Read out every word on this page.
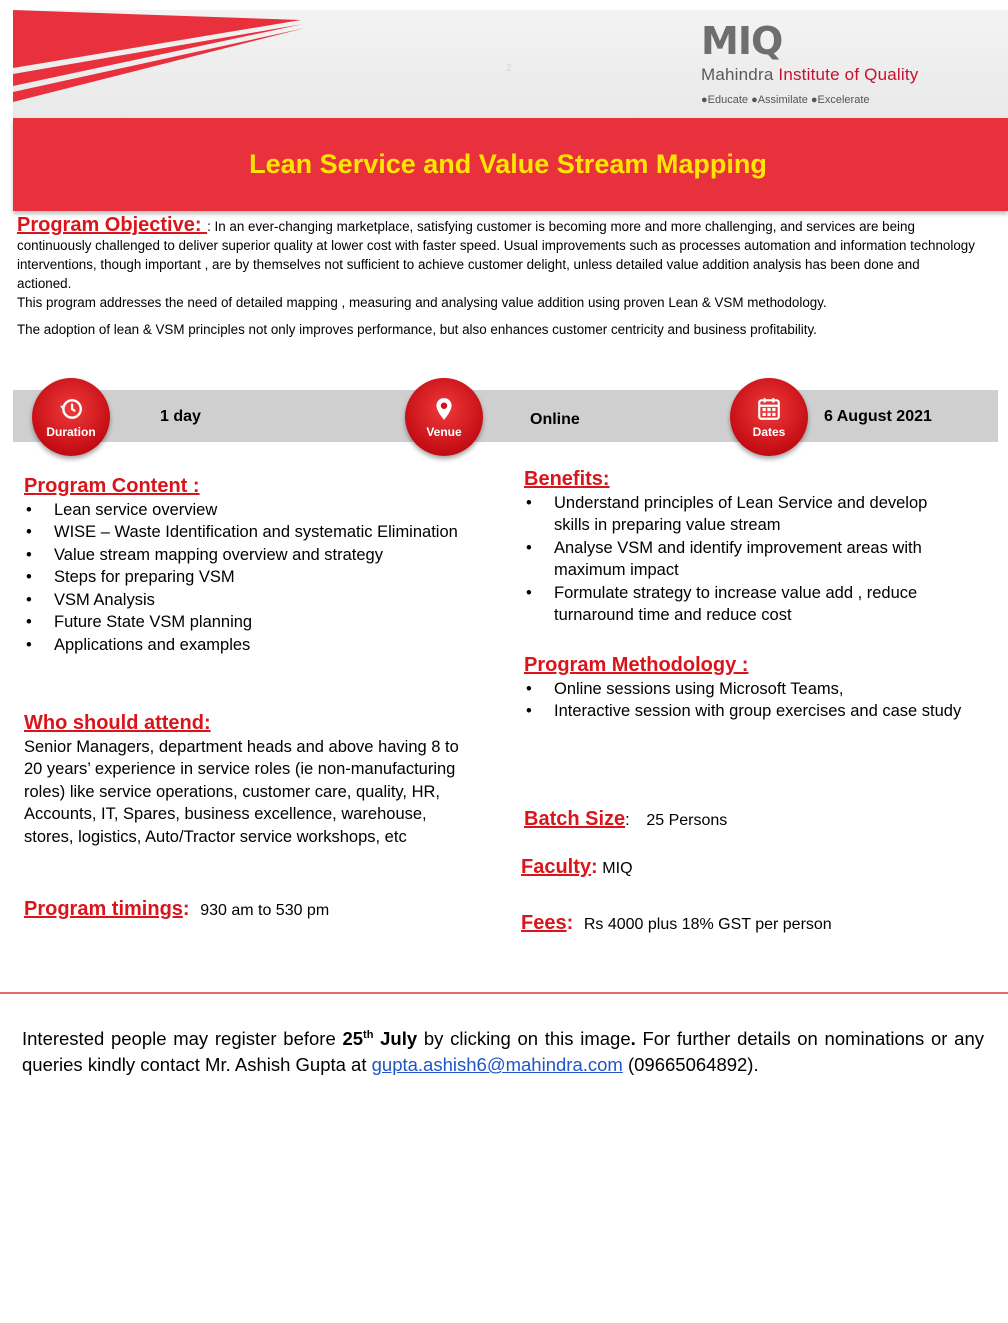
z
MIQ
Mahindra Institute of Quality
●Educate ●Assimilate ●Excelerate
Lean Service and Value Stream Mapping

Program Objective: : In an ever-changing marketplace, satisfying customer is becoming more and more challenging, and services are being continuously challenged to deliver superior quality at lower cost with faster speed. Usual improvements such as processes automation and information technology interventions, though important , are by themselves not sufficient to achieve customer delight, unless detailed value addition analysis has been done and actioned.

This program addresses the need of detailed mapping , measuring and analysing value addition using proven Lean & VSM methodology.

The adoption of lean & VSM principles not only improves performance, but also enhances customer centricity and business profitability.

Duration
1 day
Venue
Online
Dates
6 August 2021
Program Content :
• Lean service overview
• WISE – Waste Identification and systematic Elimination
• Value stream mapping overview and strategy
• Steps for preparing VSM
• VSM Analysis
• Future State VSM planning
• Applications and examples
Who should attend:

Senior Managers, department heads and above having 8 to 20 years’ experience in service roles (ie non-manufacturing roles) like service operations, customer care, quality, HR, Accounts, IT, Spares, business excellence, warehouse, stores, logistics, Auto/Tractor service workshops, etc

Program timings: 930 am to 530 pm
Benefits:
• Understand principles of Lean Service and develop skills in preparing value stream
• Analyse VSM and identify improvement areas with maximum impact
• Formulate strategy to increase value add , reduce turnaround time and reduce cost
Program Methodology :
• Online sessions using Microsoft Teams,
• Interactive session with group exercises and case study
Batch Size: 25 Persons
Faculty: MIQ
Fees: Rs 4000 plus 18% GST per person
Interested people may register before 25th July by clicking on this image. For further details on nominations or any queries kindly contact Mr. Ashish Gupta at gupta.ashish6@mahindra.com (09665064892).
